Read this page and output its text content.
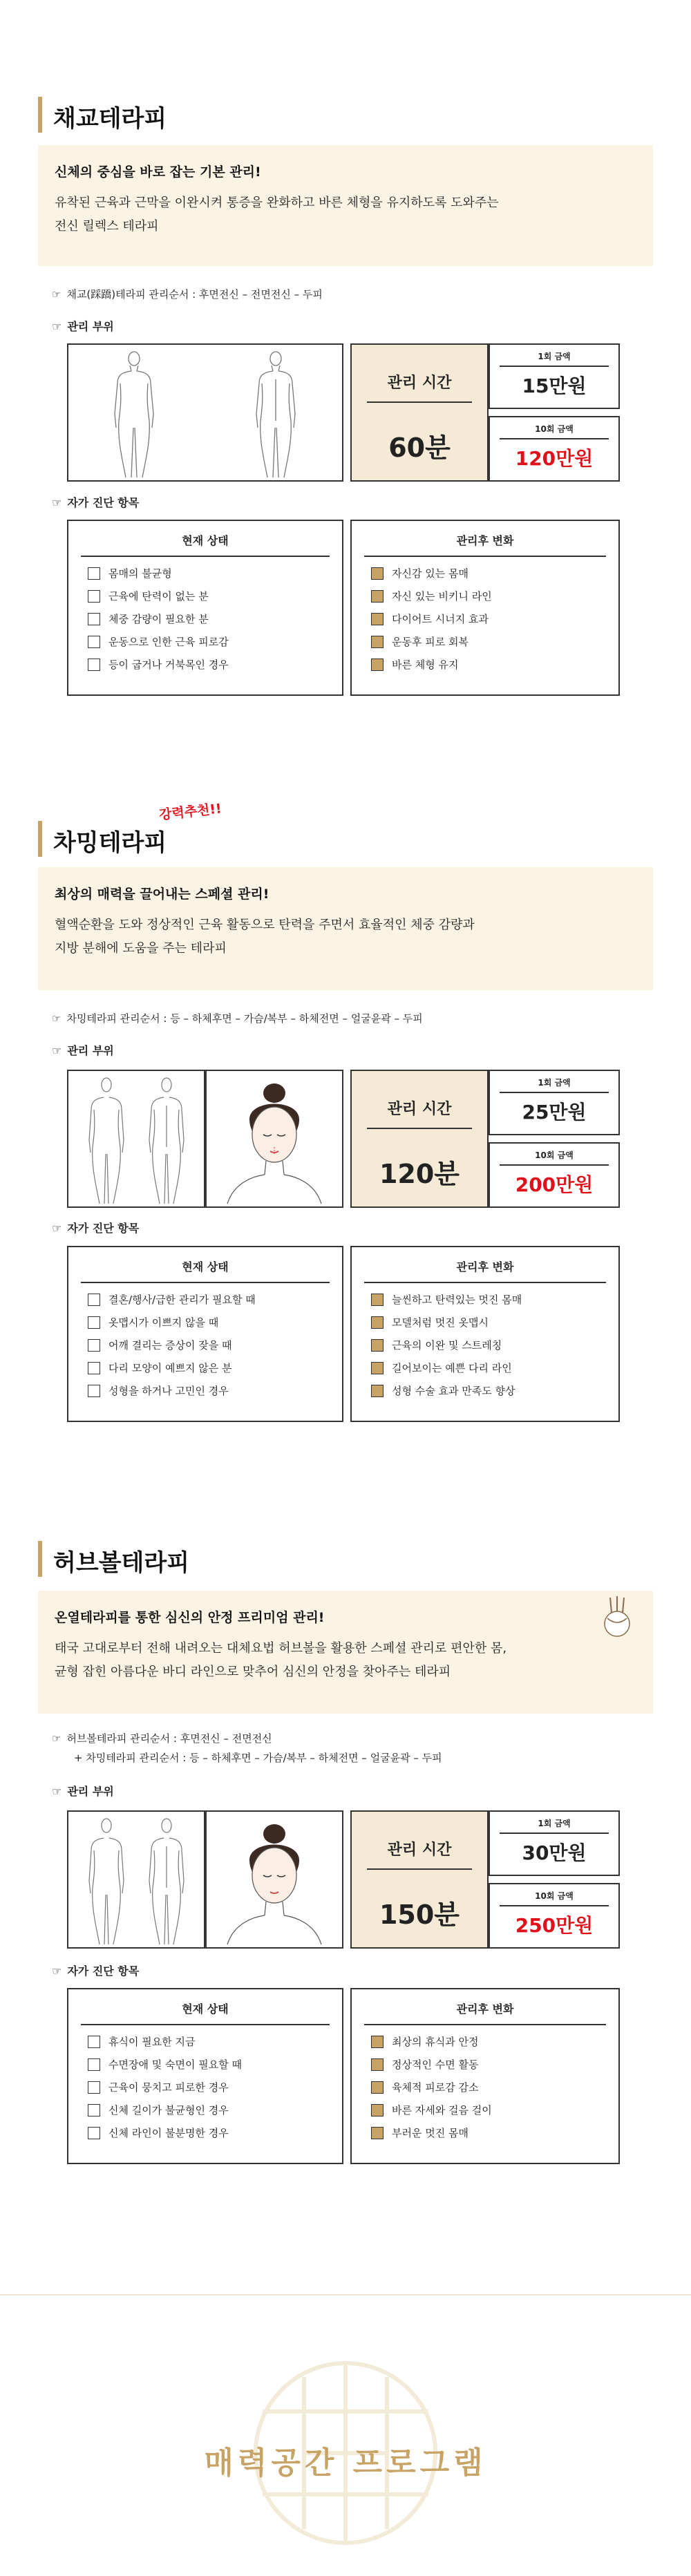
채교테라피
신체의 중심을 바로 잡는 기본 관리!
유착된 근육과 근막을 이완시켜 통증을 완화하고 바른 체형을 유지하도록 도와주는
전신 릴렉스 테라피
☞ 채교(踩蹻)테라피 관리순서 : 후면전신 – 전면전신 – 두피
☞ 관리 부위
관리 시간
60분
1회 금액
15만원
10회 금액
120만원
☞ 자가 진단 항목
현재 상태
몸매의 불균형
근육에 탄력이 없는 분
체중 감량이 필요한 분
운동으로 인한 근육 피로감
등이 굽거나 거북목인 경우
관리후 변화
자신감 있는 몸매
자신 있는 비키니 라인
다이어트 시너지 효과
운동후 피로 회복
바른 체형 유지
차밍테라피
강력추천!!
최상의 매력을 끌어내는 스페셜 관리!
혈액순환을 도와 정상적인 근육 활동으로 탄력을 주면서 효율적인 체중 감량과
지방 분해에 도움을 주는 테라피
☞ 차밍테라피 관리순서 : 등 – 하체후면 – 가슴/복부 – 하체전면 – 얼굴윤곽 – 두피
☞ 관리 부위
관리 시간
120분
1회 금액
25만원
10회 금액
200만원
☞ 자가 진단 항목
현재 상태
결혼/행사/급한 관리가 필요할 때
옷맵시가 이쁘지 않을 때
어깨 결리는 증상이 잦을 때
다리 모양이 예쁘지 않은 분
성형을 하거나 고민인 경우
관리후 변화
늘씬하고 탄력있는 멋진 몸매
모델처럼 멋진 옷맵시
근육의 이완 및 스트레칭
길어보이는 예쁜 다리 라인
성형 수술 효과 만족도 향상
허브볼테라피
온열테라피를 통한 심신의 안정 프리미엄 관리!
태국 고대로부터 전해 내려오는 대체요법 허브볼을 활용한 스페셜 관리로 편안한 몸,
균형 잡힌 아름다운 바디 라인으로 맞추어 심신의 안정을 찾아주는 테라피
☞ 허브볼테라피 관리순서 : 후면전신 – 전면전신
+ 차밍테라피 관리순서 : 등 – 하체후면 – 가슴/복부 – 하체전면 – 얼굴윤곽 – 두피
☞ 관리 부위
관리 시간
150분
1회 금액
30만원
10회 금액
250만원
☞ 자가 진단 항목
현재 상태
휴식이 필요한 지금
수면장애 및 숙면이 필요할 때
근육이 뭉치고 피로한 경우
신체 길이가 불균형인 경우
신체 라인이 불분명한 경우
관리후 변화
최상의 휴식과 안정
정상적인 수면 활동
육체적 피로감 감소
바른 자세와 걸음 걸이
부러운 멋진 몸매
매력공간 프로그램
